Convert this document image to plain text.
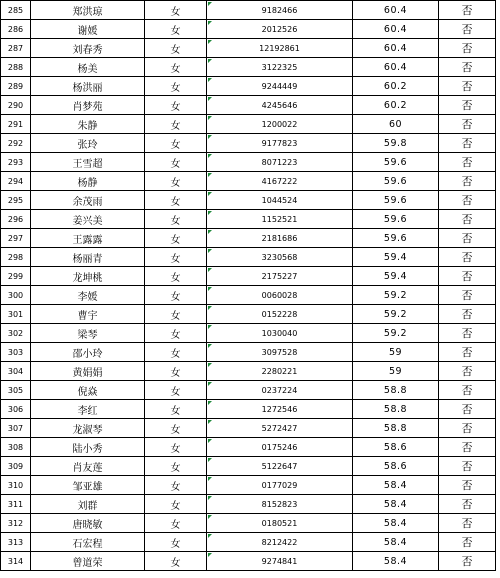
285	郑洪琼	女	9182466	60.4	否
286	谢媛	女	2012526	60.4	否
287	刘春秀	女	12192861	60.4	否
288	杨美	女	3122325	60.4	否
289	杨洪丽	女	9244449	60.2	否
290	肖梦苑	女	4245646	60.2	否
291	朱静	女	1200022	60	否
292	张玲	女	9177823	59.8	否
293	王雪超	女	8071223	59.6	否
294	杨静	女	4167222	59.6	否
295	余茂雨	女	1044524	59.6	否
296	姜兴美	女	1152521	59.6	否
297	王露露	女	2181686	59.6	否
298	杨丽青	女	3230568	59.4	否
299	龙坤桃	女	2175227	59.4	否
300	李媛	女	0060028	59.2	否
301	曹宇	女	0152228	59.2	否
302	梁琴	女	1030040	59.2	否
303	邵小玲	女	3097528	59	否
304	黄娟娟	女	2280221	59	否
305	倪焱	女	0237224	58.8	否
306	李红	女	1272546	58.8	否
307	龙淑琴	女	5272427	58.8	否
308	陆小秀	女	0175246	58.6	否
309	肖友莲	女	5122647	58.6	否
310	邹亚雄	女	0177029	58.4	否
311	刘群	女	8152823	58.4	否
312	唐晓敏	女	0180521	58.4	否
313	石宏程	女	8212422	58.4	否
314	曾道荣	女	9274841	58.4	否
